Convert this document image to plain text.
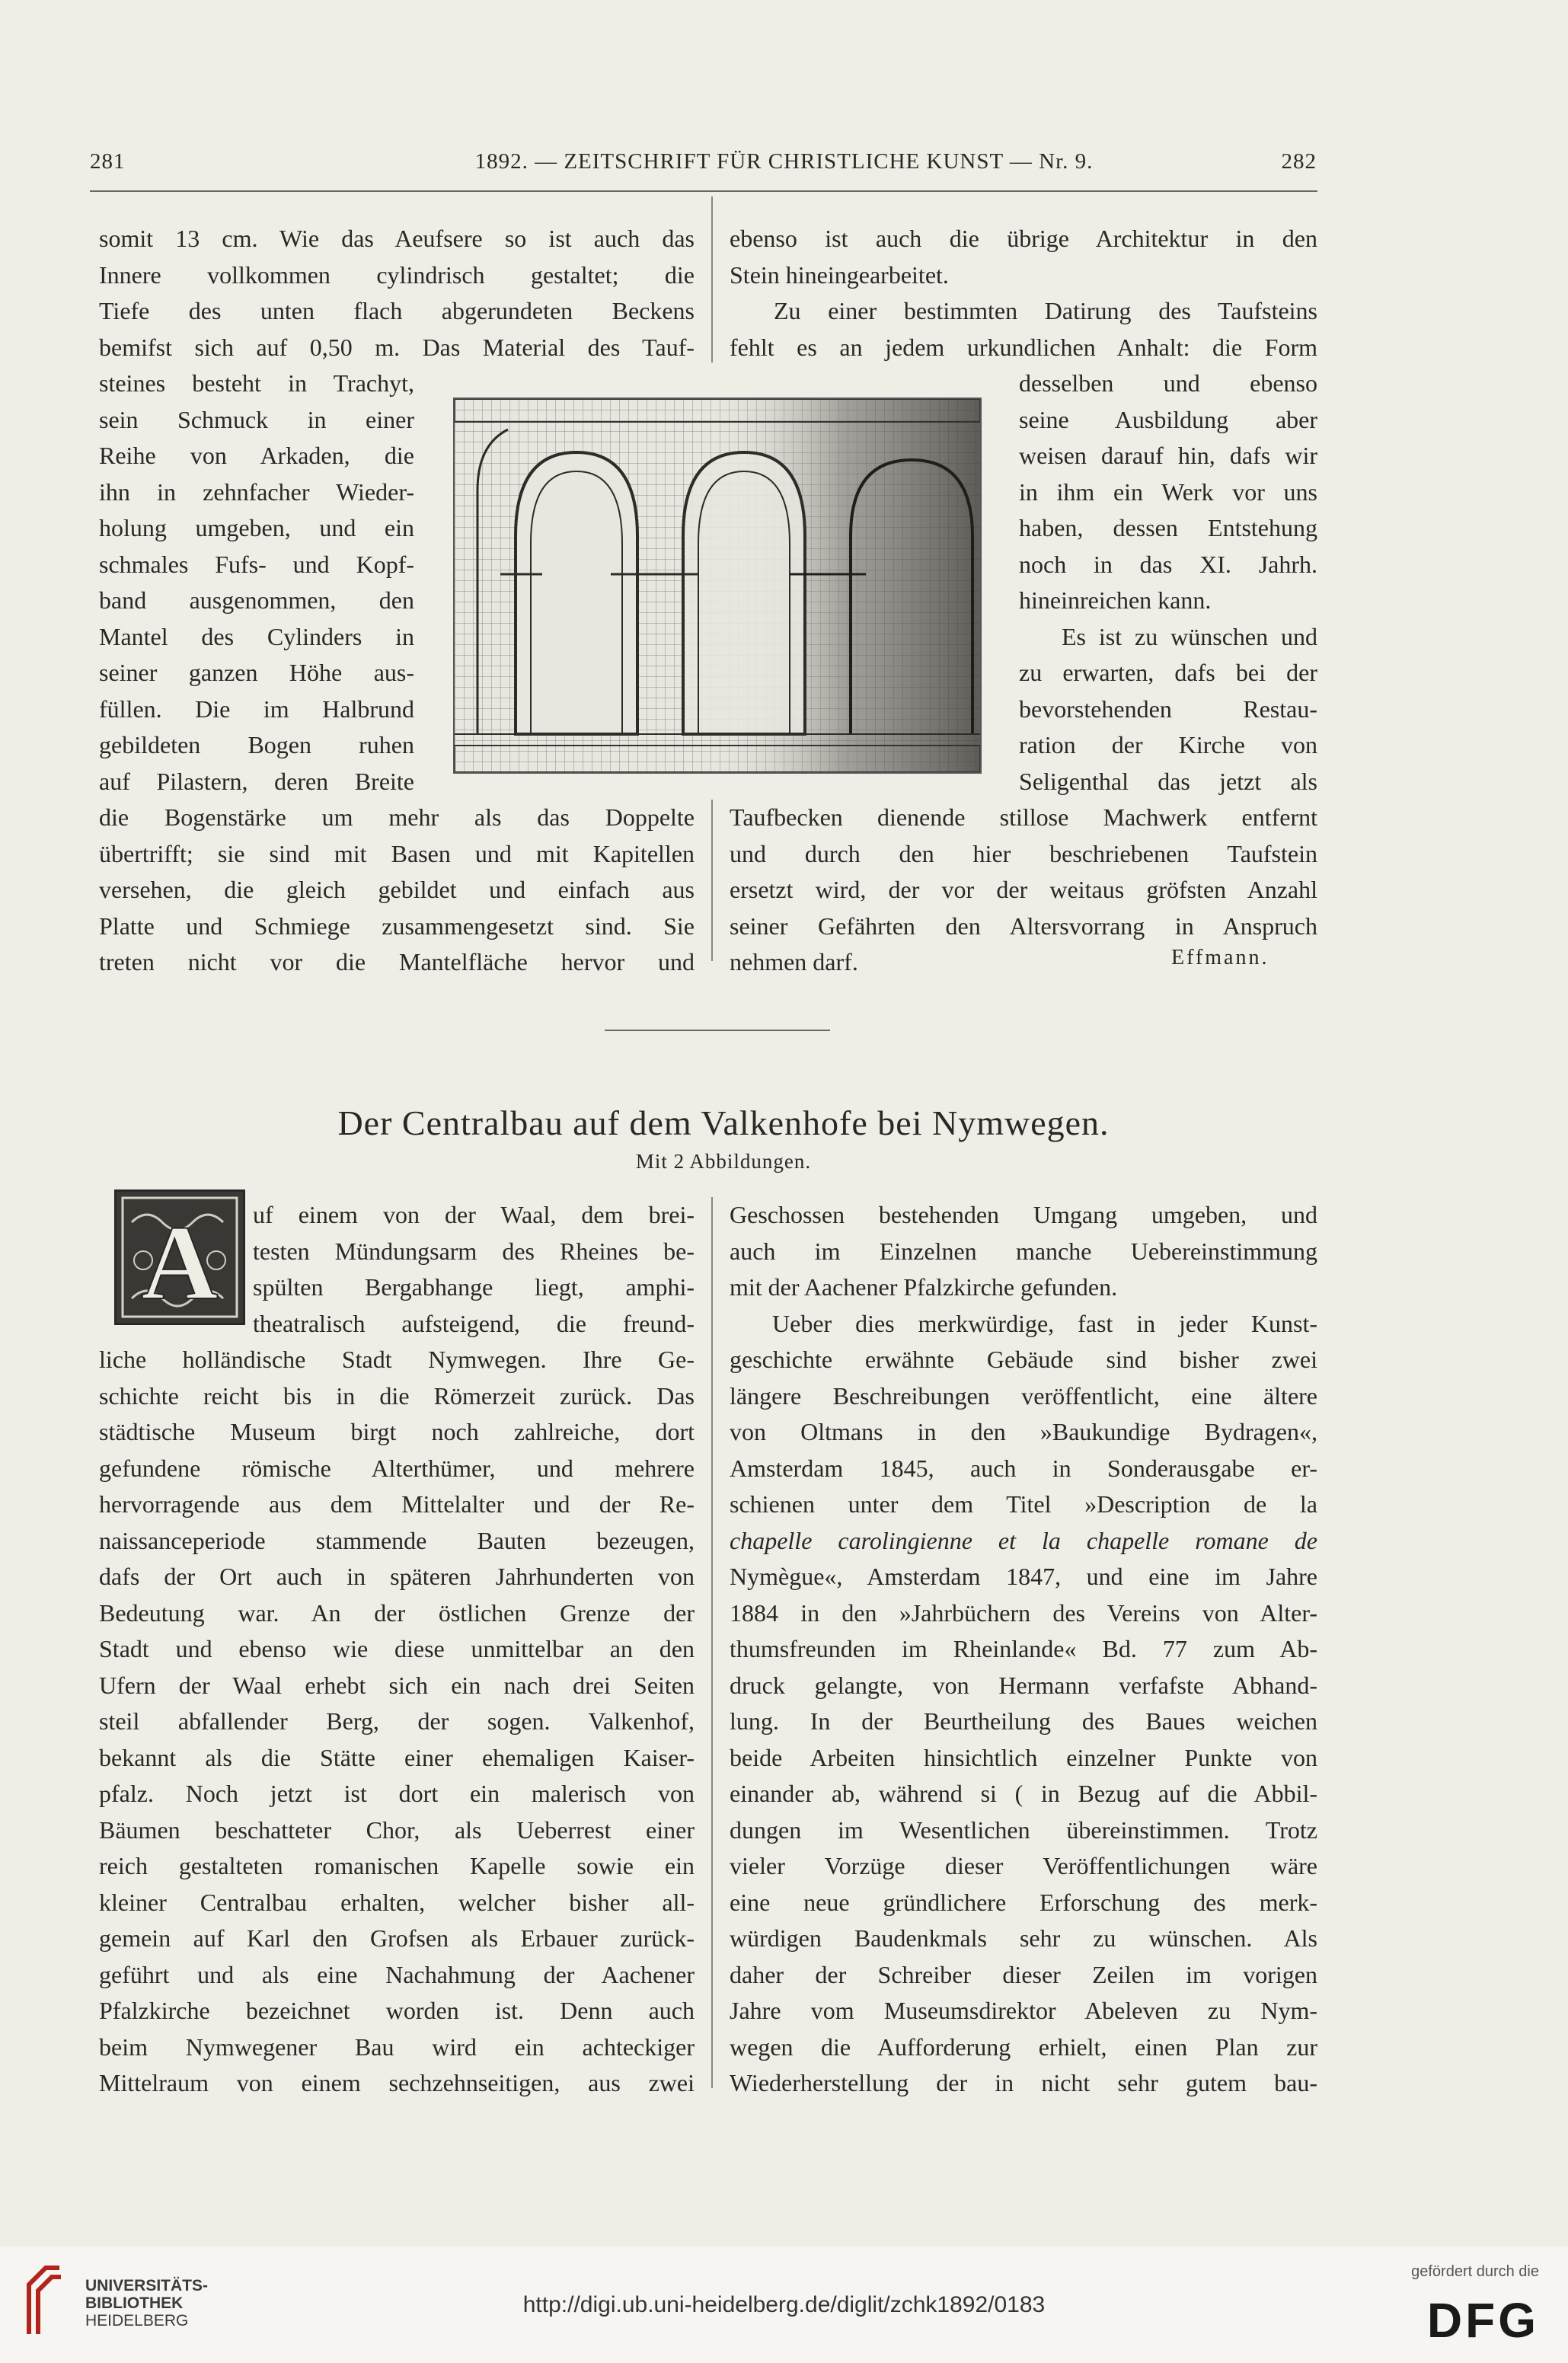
281	1892. — ZEITSCHRIFT FÜR CHRISTLICHE KUNST — Nr. 9.	282
somit 13 cm. Wie das Aeufsere so ist auch das
Innere vollkommen cylindrisch gestaltet; die
Tiefe des unten flach abgerundeten Beckens
bemifst sich auf 0,50 m. Das Material des Tauf-
steines besteht in Trachyt,
sein Schmuck in einer
Reihe von Arkaden, die
ihn in zehnfacher Wieder-
holung umgeben, und ein
schmales Fufs- und Kopf-
band ausgenommen, den
Mantel des Cylinders in
seiner ganzen Höhe aus-
füllen. Die im Halbrund
gebildeten Bogen ruhen
auf Pilastern, deren Breite
die Bogenstärke um mehr als das Doppelte
übertrifft; sie sind mit Basen und mit Kapitellen
versehen, die gleich gebildet und einfach aus
Platte und Schmiege zusammengesetzt sind. Sie
treten nicht vor die Mantelfläche hervor und
ebenso ist auch die übrige Architektur in den
Stein hineingearbeitet.
Zu einer bestimmten Datirung des Taufsteins
fehlt es an jedem urkundlichen Anhalt: die Form
desselben und ebenso
seine Ausbildung aber
weisen darauf hin, dafs wir
in ihm ein Werk vor uns
haben, dessen Entstehung
noch in das XI. Jahrh.
hineinreichen kann.
Es ist zu wünschen und
zu erwarten, dafs bei der
bevorstehenden Restau-
ration der Kirche von
Seligenthal das jetzt als
Taufbecken dienende stillose Machwerk entfernt
und durch den hier beschriebenen Taufstein
ersetzt wird, der vor der weitaus gröfsten Anzahl
seiner Gefährten den Altersvorrang in Anspruch
nehmen darf.	Effmann.
Der Centralbau auf dem Valkenhofe bei Nymwegen.
Mit 2 Abbildungen.
A uf einem von der Waal, dem brei-
testen Mündungsarm des Rheines be-
spülten Bergabhange liegt, amphi-
theatralisch aufsteigend, die freund-
liche holländische Stadt Nymwegen. Ihre Ge-
schichte reicht bis in die Römerzeit zurück. Das
städtische Museum birgt noch zahlreiche, dort
gefundene römische Alterthümer, und mehrere
hervorragende aus dem Mittelalter und der Re-
naissanceperiode stammende Bauten bezeugen,
dafs der Ort auch in späteren Jahrhunderten von
Bedeutung war. An der östlichen Grenze der
Stadt und ebenso wie diese unmittelbar an den
Ufern der Waal erhebt sich ein nach drei Seiten
steil abfallender Berg, der sogen. Valkenhof,
bekannt als die Stätte einer ehemaligen Kaiser-
pfalz. Noch jetzt ist dort ein malerisch von
Bäumen beschatteter Chor, als Ueberrest einer
reich gestalteten romanischen Kapelle sowie ein
kleiner Centralbau erhalten, welcher bisher all-
gemein auf Karl den Grofsen als Erbauer zurück-
geführt und als eine Nachahmung der Aachener
Pfalzkirche bezeichnet worden ist. Denn auch
beim Nymwegener Bau wird ein achteckiger
Mittelraum von einem sechzehnseitigen, aus zwei
Geschossen bestehenden Umgang umgeben, und
auch im Einzelnen manche Uebereinstimmung
mit der Aachener Pfalzkirche gefunden.
Ueber dies merkwürdige, fast in jeder Kunst-
geschichte erwähnte Gebäude sind bisher zwei
längere Beschreibungen veröffentlicht, eine ältere
von Oltmans in den »Baukundige Bydragen«,
Amsterdam 1845, auch in Sonderausgabe er-
schienen unter dem Titel »Description de la
chapelle carolingienne et la chapelle romane de
Nymègue«, Amsterdam 1847, und eine im Jahre
1884 in den »Jahrbüchern des Vereins von Alter-
thumsfreunden im Rheinlande« Bd. 77 zum Ab-
druck gelangte, von Hermann verfafste Abhand-
lung. In der Beurtheilung des Baues weichen
beide Arbeiten hinsichtlich einzelner Punkte von
einander ab, während si ( in Bezug auf die Abbil-
dungen im Wesentlichen übereinstimmen. Trotz
vieler Vorzüge dieser Veröffentlichungen wäre
eine neue gründlichere Erforschung des merk-
würdigen Baudenkmals sehr zu wünschen. Als
daher der Schreiber dieser Zeilen im vorigen
Jahre vom Museumsdirektor Abeleven zu Nym-
wegen die Aufforderung erhielt, einen Plan zur
Wiederherstellung der in nicht sehr gutem bau-
UNIVERSITÄTS-
BIBLIOTHEK
HEIDELBERG
http://digi.ub.uni-heidelberg.de/diglit/zchk1892/0183
gefördert durch die
DFG
